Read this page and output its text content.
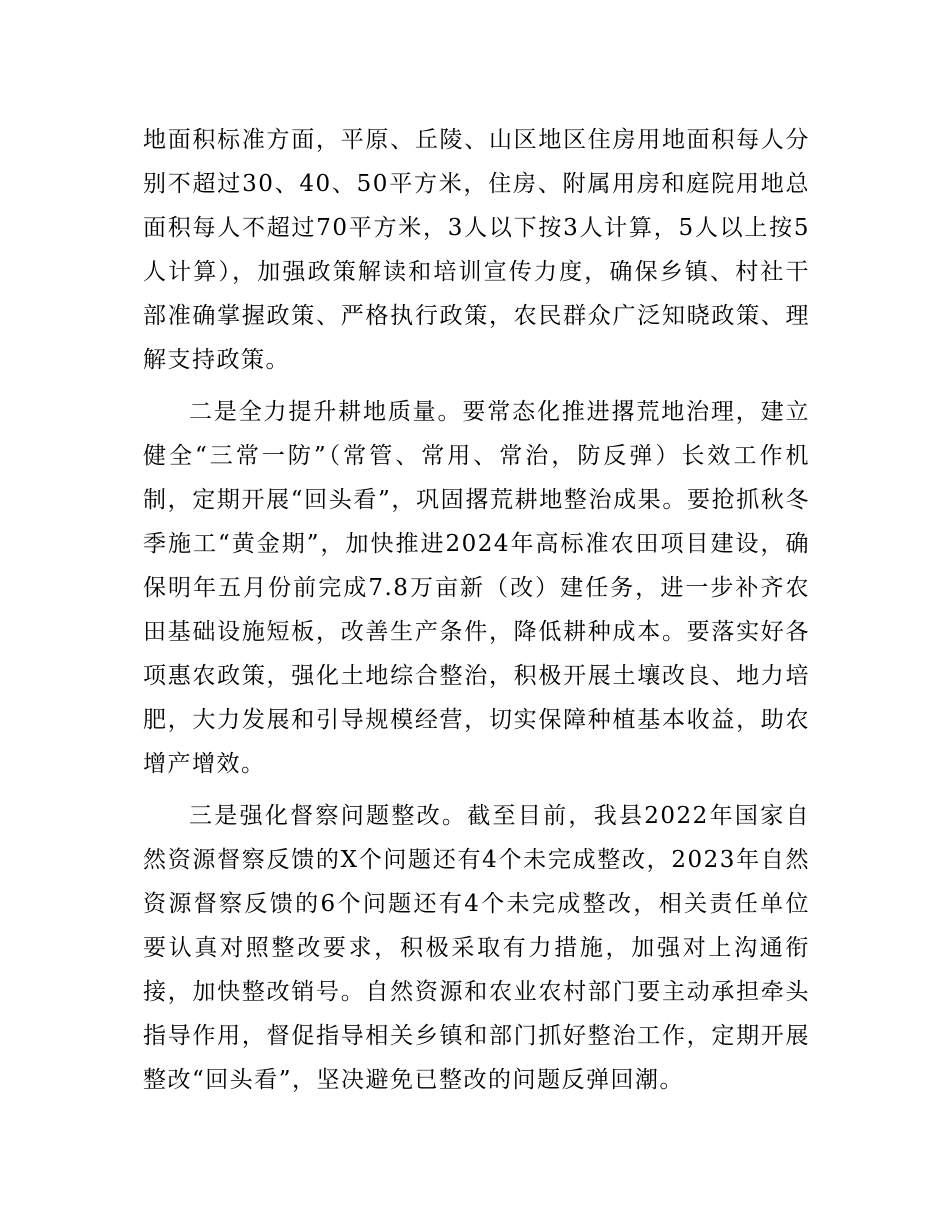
地面积标准方面，平原、丘陵、山区地区住房用地面积每人分别不超过30、40、50平方米，住房、附属用房和庭院用地总面积每人不超过70平方米，3人以下按3人计算，5人以上按5人计算），加强政策解读和培训宣传力度，确保乡镇、村社干部准确掌握政策、严格执行政策，农民群众广泛知晓政策、理解支持政策。

二是全力提升耕地质量。要常态化推进撂荒地治理，建立健全“三常一防”（常管、常用、常治，防反弹）长效工作机制，定期开展“回头看”，巩固撂荒耕地整治成果。要抢抓秋冬季施工“黄金期”，加快推进2024年高标准农田项目建设，确保明年五月份前完成7.8万亩新（改）建任务，进一步补齐农田基础设施短板，改善生产条件，降低耕种成本。要落实好各项惠农政策，强化土地综合整治，积极开展土壤改良、地力培肥，大力发展和引导规模经营，切实保障种植基本收益，助农增产增效。

三是强化督察问题整改。截至目前，我县2022年国家自然资源督察反馈的X个问题还有4个未完成整改，2023年自然资源督察反馈的6个问题还有4个未完成整改，相关责任单位要认真对照整改要求，积极采取有力措施，加强对上沟通衔接，加快整改销号。自然资源和农业农村部门要主动承担牵头指导作用，督促指导相关乡镇和部门抓好整治工作，定期开展整改“回头看”，坚决避免已整改的问题反弹回潮。
